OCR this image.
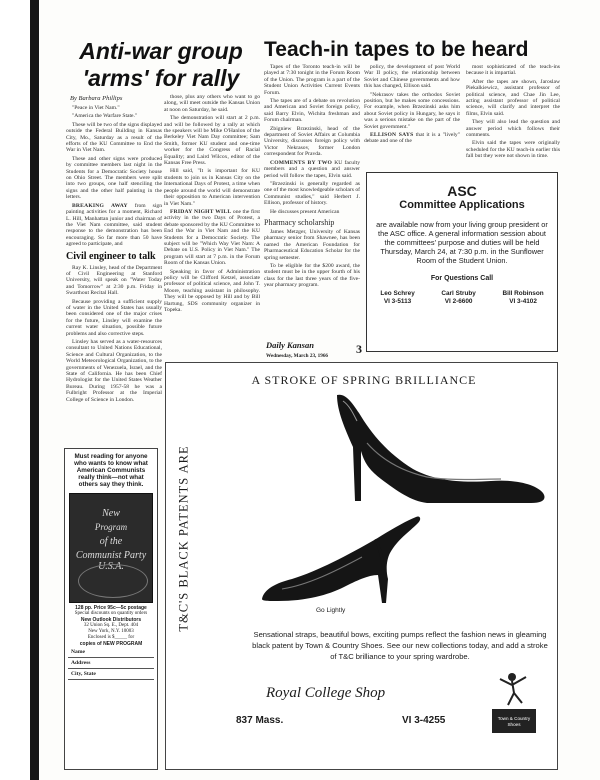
Anti-war group 'arms' for rally
By Barbara Phillips

"Peace in Viet Nam."

"America the Warfare State."

These will be two of the signs displayed outside the Federal Building in Kansas City, Mo., Saturday as a result of the efforts of the KU Committee to End the War in Viet Nam.

These and other signs were produced by committee members last night in the Students for a Democratic Society house on Ohio Street. The members were split into two groups, one half stenciling the signs and the other half painting in the letters.

BREAKING AWAY from sign painting activities for a moment, Richard L. Hill, Manhattan junior and chairman of the Viet Nam committee, said student response to the demonstration has been encouraging. So far more than 50 have agreed to participate, and

Civil engineer to talk

Ray K. Linsley, head of the Department of Civil Engineering at Stanford University, will speak on "Water Today and Tomorrow" at 2:30 p.m. Friday in Swarthout Recital Hall.

Because providing a sufficient supply of water in the United States has usually been considered one of the major crises for the future, Linsley will examine the current water situation, possible future problems and also corrective steps.

Linsley has served as a water-resources consultant to United Nations Educational, Science and Cultural Organization, to the World Meteorological Organization, to the governments of Venezuela, Israel, and the State of California. He has been Chief Hydrologist for the United States Weather Bureau. During 1957-58 he was a Fulbright Professor at the Imperial College of Science in London.

those, plus any others who want to go along, will meet outside the Kansas Union at noon on Saturday, he said.

The demonstration will start at 2 p.m. and will be followed by a rally at which the speakers will be Mike O'Hanlon of the Berkeley Viet Nam Day committee; Sam Smith, former KU student and one-time worker for the Congress of Racial Equality; and Laird Wilcox, editor of the Kansas Free Press.

Hill said, "It is important for KU students to join us in Kansas City on the International Days of Protest, a time when people around the world will demonstrate their opposition to American intervention in Viet Nam."

FRIDAY NIGHT WILL one the first activity in the two Days of Protest, a debate sponsored by the KU Committee to End the War in Viet Nam and the KU Students for a Democratic Society. The subject will be "Which Way Viet Nam: A Debate on U.S. Policy in Viet Nam." The program will start at 7 p.m. in the Forum Room of the Kansas Union.

Speaking in favor of Administration policy will be Clifford Ketzel, associate professor of political science, and John T. Moore, teaching assistant in philosophy. They will be opposed by Hill and by Bill Hartung, SDS community organizer in Topeka.

Must reading for anyone who wants to know what American Communists really think—not what others say they think.
New
Program
of the
Communist Party U.S.A.
128 pp. Price 95c—5c postage
Special discounts on quantity orders
New Outlook Distributors
32 Union Sq. E., Dept. 404
New York, N.Y. 10003
Enclosed is $_____ for
copies of NEW PROGRAM
Name
Address
City, State
Teach-in tapes to be heard

Tapes of the Toronto teach-in will be played at 7:30 tonight in the Forum Room of the Union. The program is a part of the Student Union Activities Current Events Forum.

The tapes are of a debate on revolution and American and Soviet foreign policy, said Barry Elvin, Wichita freshman and Forum chairman.

Zbigniew Brzezinski, head of the department of Soviet Affairs at Columbia University, discusses foreign policy with Victor Nekrasov, former London correspondent for Pravda.

COMMENTS BY TWO KU faculty members and a question and answer period will follow the tapes, Elvin said.

"Brzezinski is generally regarded as one of the most knowledgeable scholars of Communist studies," said Herbert J. Ellison, professor of history.

He discusses present American

Pharmacy scholarship

James Metzger, University of Kansas pharmacy senior from Shawnee, has been named the American Foundation for Pharmaceutical Education Scholar for the spring semester.

To be eligible for the $200 award, the student must be in the upper fourth of his class for the last three years of the five-year pharmacy program.

policy, the development of post World War II policy, the relationship between Soviet and Chinese governments and how this has changed, Ellison said.

"Nekrasov takes the orthodox Soviet position, but he makes some concessions. For example, when Brzezinski asks him about Soviet policy in Hungary, he says it was a serious mistake on the part of the Soviet government."

ELLISON SAYS that it is a "lively" debate and one of the

most sophisticated of the teach-ins because it is impartial.

After the tapes are shown, Jaroslaw Piekalkiewicz, assistant professor of political science, and Chae Jin Lee, acting assistant professor of political science, will clarify and interpret the films, Elvin said.

They will also lead the question and answer period which follows their comments.

Elvin said the tapes were originally scheduled for the KU teach-in earlier this fall but they were not shown in time.

Daily Kansan
Wednesday, March 23, 1966	3
ASC
Committee Applications
are available now from your living group president or the ASC office. A general information session about the committees' purpose and duties will be held Thursday, March 24, at 7:30 p.m. in the Sunflower Room of the Student Union.
For Questions Call
Leo Schrey
VI 3-5113
Carl Struby
VI 2-6600
Bill Robinson
VI 3-4102
A STROKE OF SPRING BRILLIANCE
T&C'S BLACK PATENTS ARE	Go Lightly
Sensational straps, beautiful bows, exciting pumps reflect the fashion news in gleaming black patent by Town & Country Shoes. See our new collections today, and add a stroke of T&C brilliance to your spring wardrobe.
Royal College Shop
837 Mass.	VI 3-4255	Town & Country Shoes
